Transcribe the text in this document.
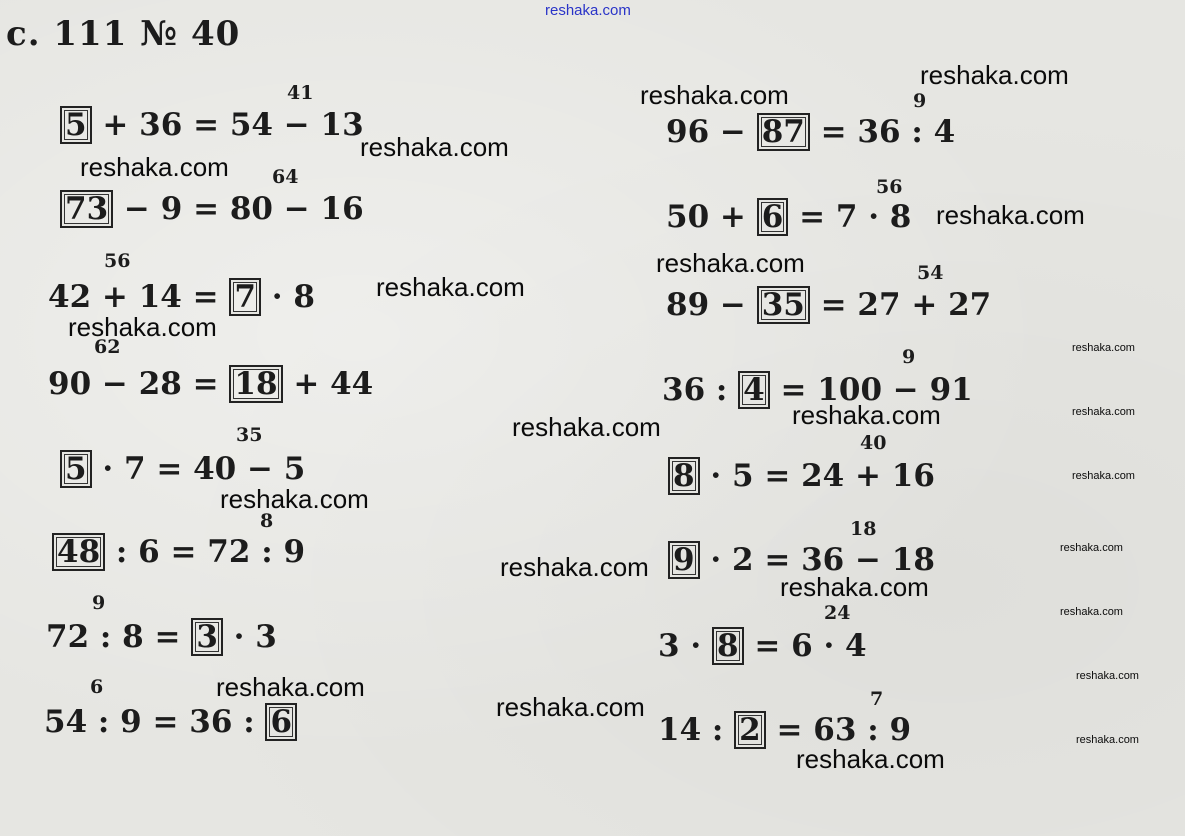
reshaka.com
с. 111 № 40
5 + 36 = 54 − 13
41
73 − 9 = 80 − 16
64
42 + 14 = 7 · 8
56
90 − 28 = 18 + 44
62
5 · 7 = 40 − 5
35
48 : 6 = 72 : 9
8
72 : 8 = 3 · 3
9
54 : 9 = 36 : 6
6
96 − 87 = 36 : 4
9
50 + 6 = 7 · 8
56
89 − 35 = 27 + 27
54
36 : 4 = 100 − 91
9
8 · 5 = 24 + 16
40
9 · 2 = 36 − 18
18
3 · 8 = 6 · 4
24
14 : 2 = 63 : 9
7
reshaka.com
reshaka.com
reshaka.com
reshaka.com
reshaka.com
reshaka.com
reshaka.com
reshaka.com
reshaka.com
reshaka.com
reshaka.com
reshaka.com
reshaka.com
reshaka.com
reshaka.com
reshaka.com
reshaka.com
reshaka.com
reshaka.com
reshaka.com
reshaka.com
reshaka.com
reshaka.com
